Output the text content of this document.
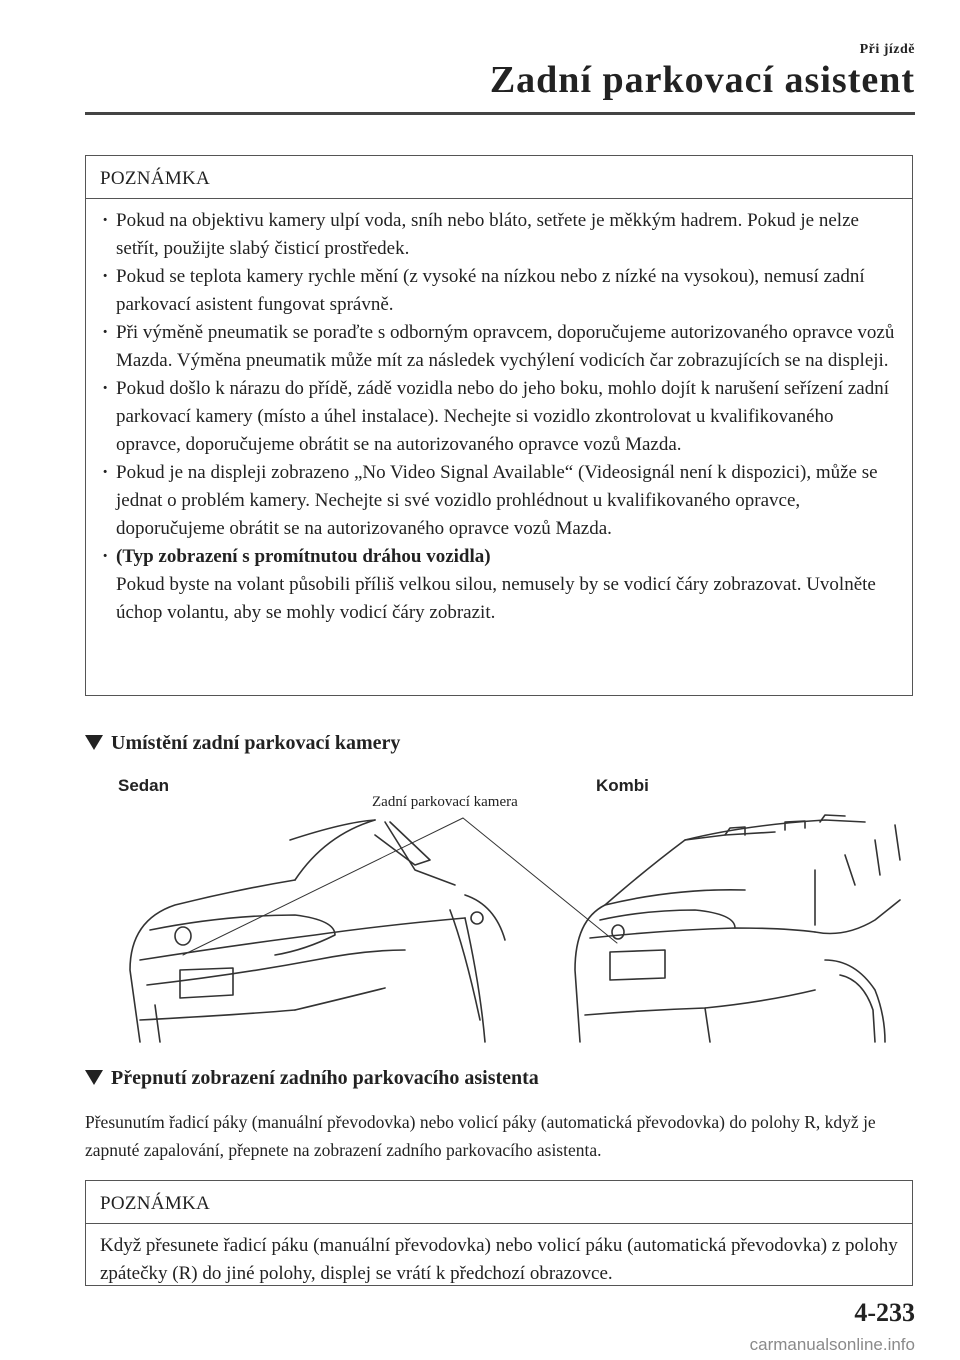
Při jízdě
Zadní parkovací asistent
POZNÁMKA
· Pokud na objektivu kamery ulpí voda, sníh nebo bláto, setřete je měkkým hadrem. Pokud je nelze setřít, použijte slabý čisticí prostředek.
· Pokud se teplota kamery rychle mění (z vysoké na nízkou nebo z nízké na vysokou), nemusí zadní parkovací asistent fungovat správně.
· Při výměně pneumatik se poraďte s odborným opravcem, doporučujeme autorizovaného opravce vozů Mazda. Výměna pneumatik může mít za následek vychýlení vodicích čar zobrazujících se na displeji.
· Pokud došlo k nárazu do přídě, zádě vozidla nebo do jeho boku, mohlo dojít k narušení seřízení zadní parkovací kamery (místo a úhel instalace). Nechejte si vozidlo zkontrolovat u kvalifikovaného opravce, doporučujeme obrátit se na autorizovaného opravce vozů Mazda.
· Pokud je na displeji zobrazeno „No Video Signal Available“ (Videosignál není k dispozici), může se jednat o problém kamery. Nechejte si své vozidlo prohlédnout u kvalifikovaného opravce, doporučujeme obrátit se na autorizovaného opravce vozů Mazda.
· (Typ zobrazení s promítnutou dráhou vozidla)
Pokud byste na volant působili příliš velkou silou, nemusely by se vodicí čáry zobrazovat. Uvolněte úchop volantu, aby se mohly vodicí čáry zobrazit.
Umístění zadní parkovací kamery
Sedan	Kombi
Zadní parkovací kamera
Přepnutí zobrazení zadního parkovacího asistenta
Přesunutím řadicí páky (manuální převodovka) nebo volicí páky (automatická převodovka) do polohy R, když je zapnuté zapalování, přepnete na zobrazení zadního parkovacího asistenta.
POZNÁMKA
Když přesunete řadicí páku (manuální převodovka) nebo volicí páku (automatická převodovka) z polohy zpátečky (R) do jiné polohy, displej se vrátí k předchozí obrazovce.
4-233
carmanualsonline.info
